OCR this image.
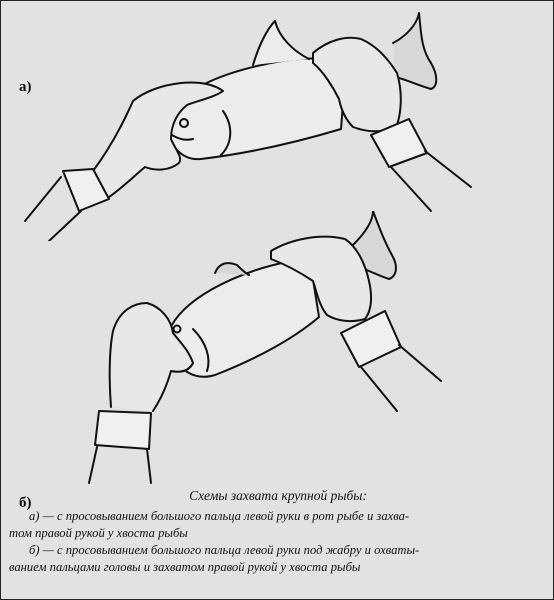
а)
б)	Схемы захвата крупной рыбы:
а) — с просовыванием большого пальца левой руки в рот рыбе и захва-
том правой рукой у хвоста рыбы
б) — с просовыванием большого пальца левой руки под жабру и охваты-
ванием пальцами головы и захватом правой рукой у хвоста рыбы
